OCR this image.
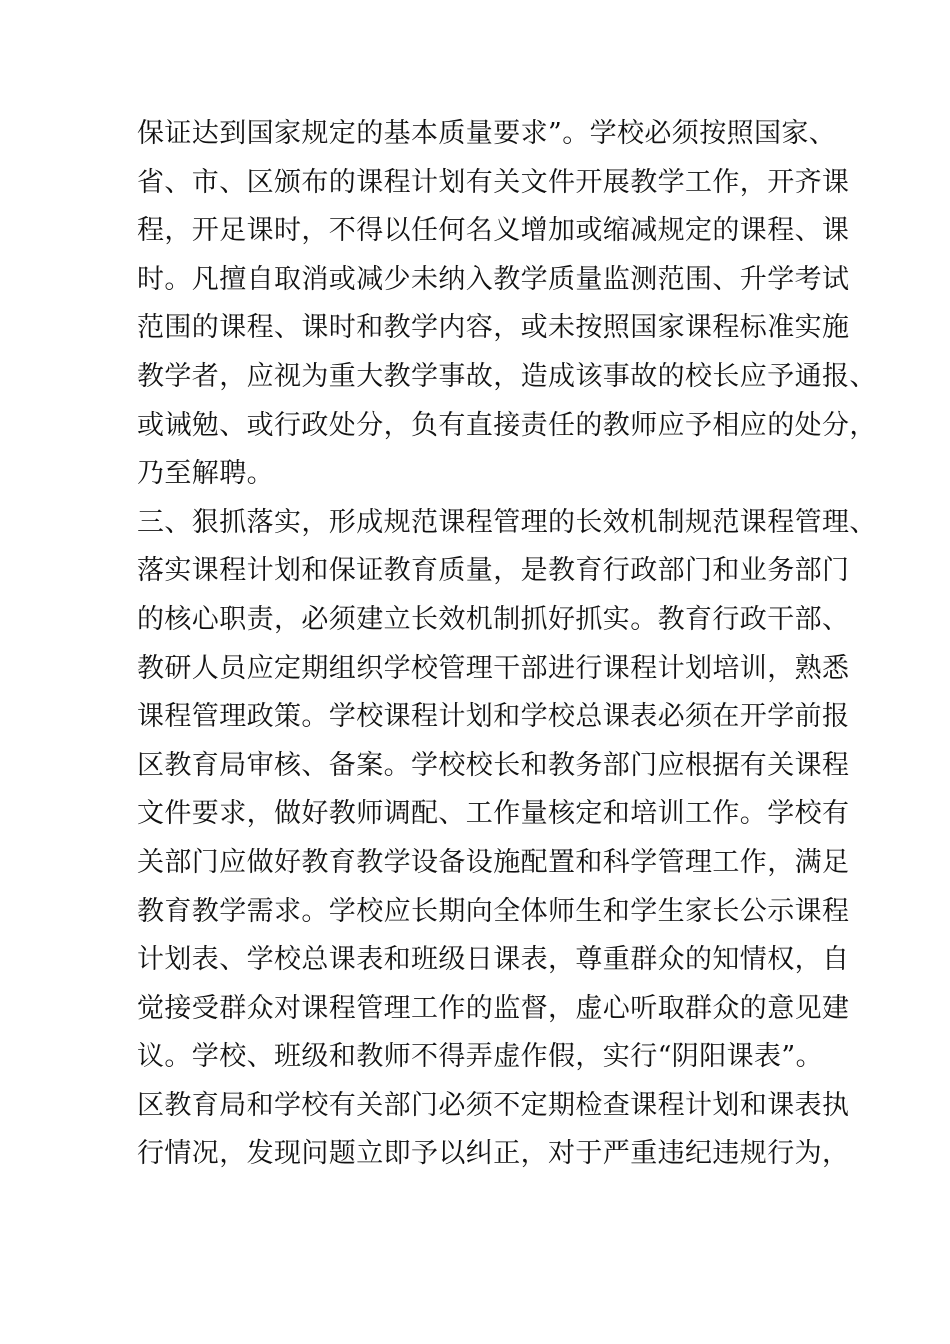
保证达到国家规定的基本质量要求”。学校必须按照国家、
省、市、区颁布的课程计划有关文件开展教学工作，开齐课
程，开足课时，不得以任何名义增加或缩减规定的课程、课
时。凡擅自取消或减少未纳入教学质量监测范围、升学考试
范围的课程、课时和教学内容，或未按照国家课程标准实施
教学者，应视为重大教学事故，造成该事故的校长应予通报、
或诫勉、或行政处分，负有直接责任的教师应予相应的处分，
乃至解聘。
三、狠抓落实，形成规范课程管理的长效机制规范课程管理、
落实课程计划和保证教育质量，是教育行政部门和业务部门
的核心职责，必须建立长效机制抓好抓实。教育行政干部、
教研人员应定期组织学校管理干部进行课程计划培训，熟悉
课程管理政策。学校课程计划和学校总课表必须在开学前报
区教育局审核、备案。学校校长和教务部门应根据有关课程
文件要求，做好教师调配、工作量核定和培训工作。学校有
关部门应做好教育教学设备设施配置和科学管理工作，满足
教育教学需求。学校应长期向全体师生和学生家长公示课程
计划表、学校总课表和班级日课表，尊重群众的知情权，自
觉接受群众对课程管理工作的监督，虚心听取群众的意见建
议。学校、班级和教师不得弄虚作假，实行“阴阳课表”。
区教育局和学校有关部门必须不定期检查课程计划和课表执
行情况，发现问题立即予以纠正，对于严重违纪违规行为，
